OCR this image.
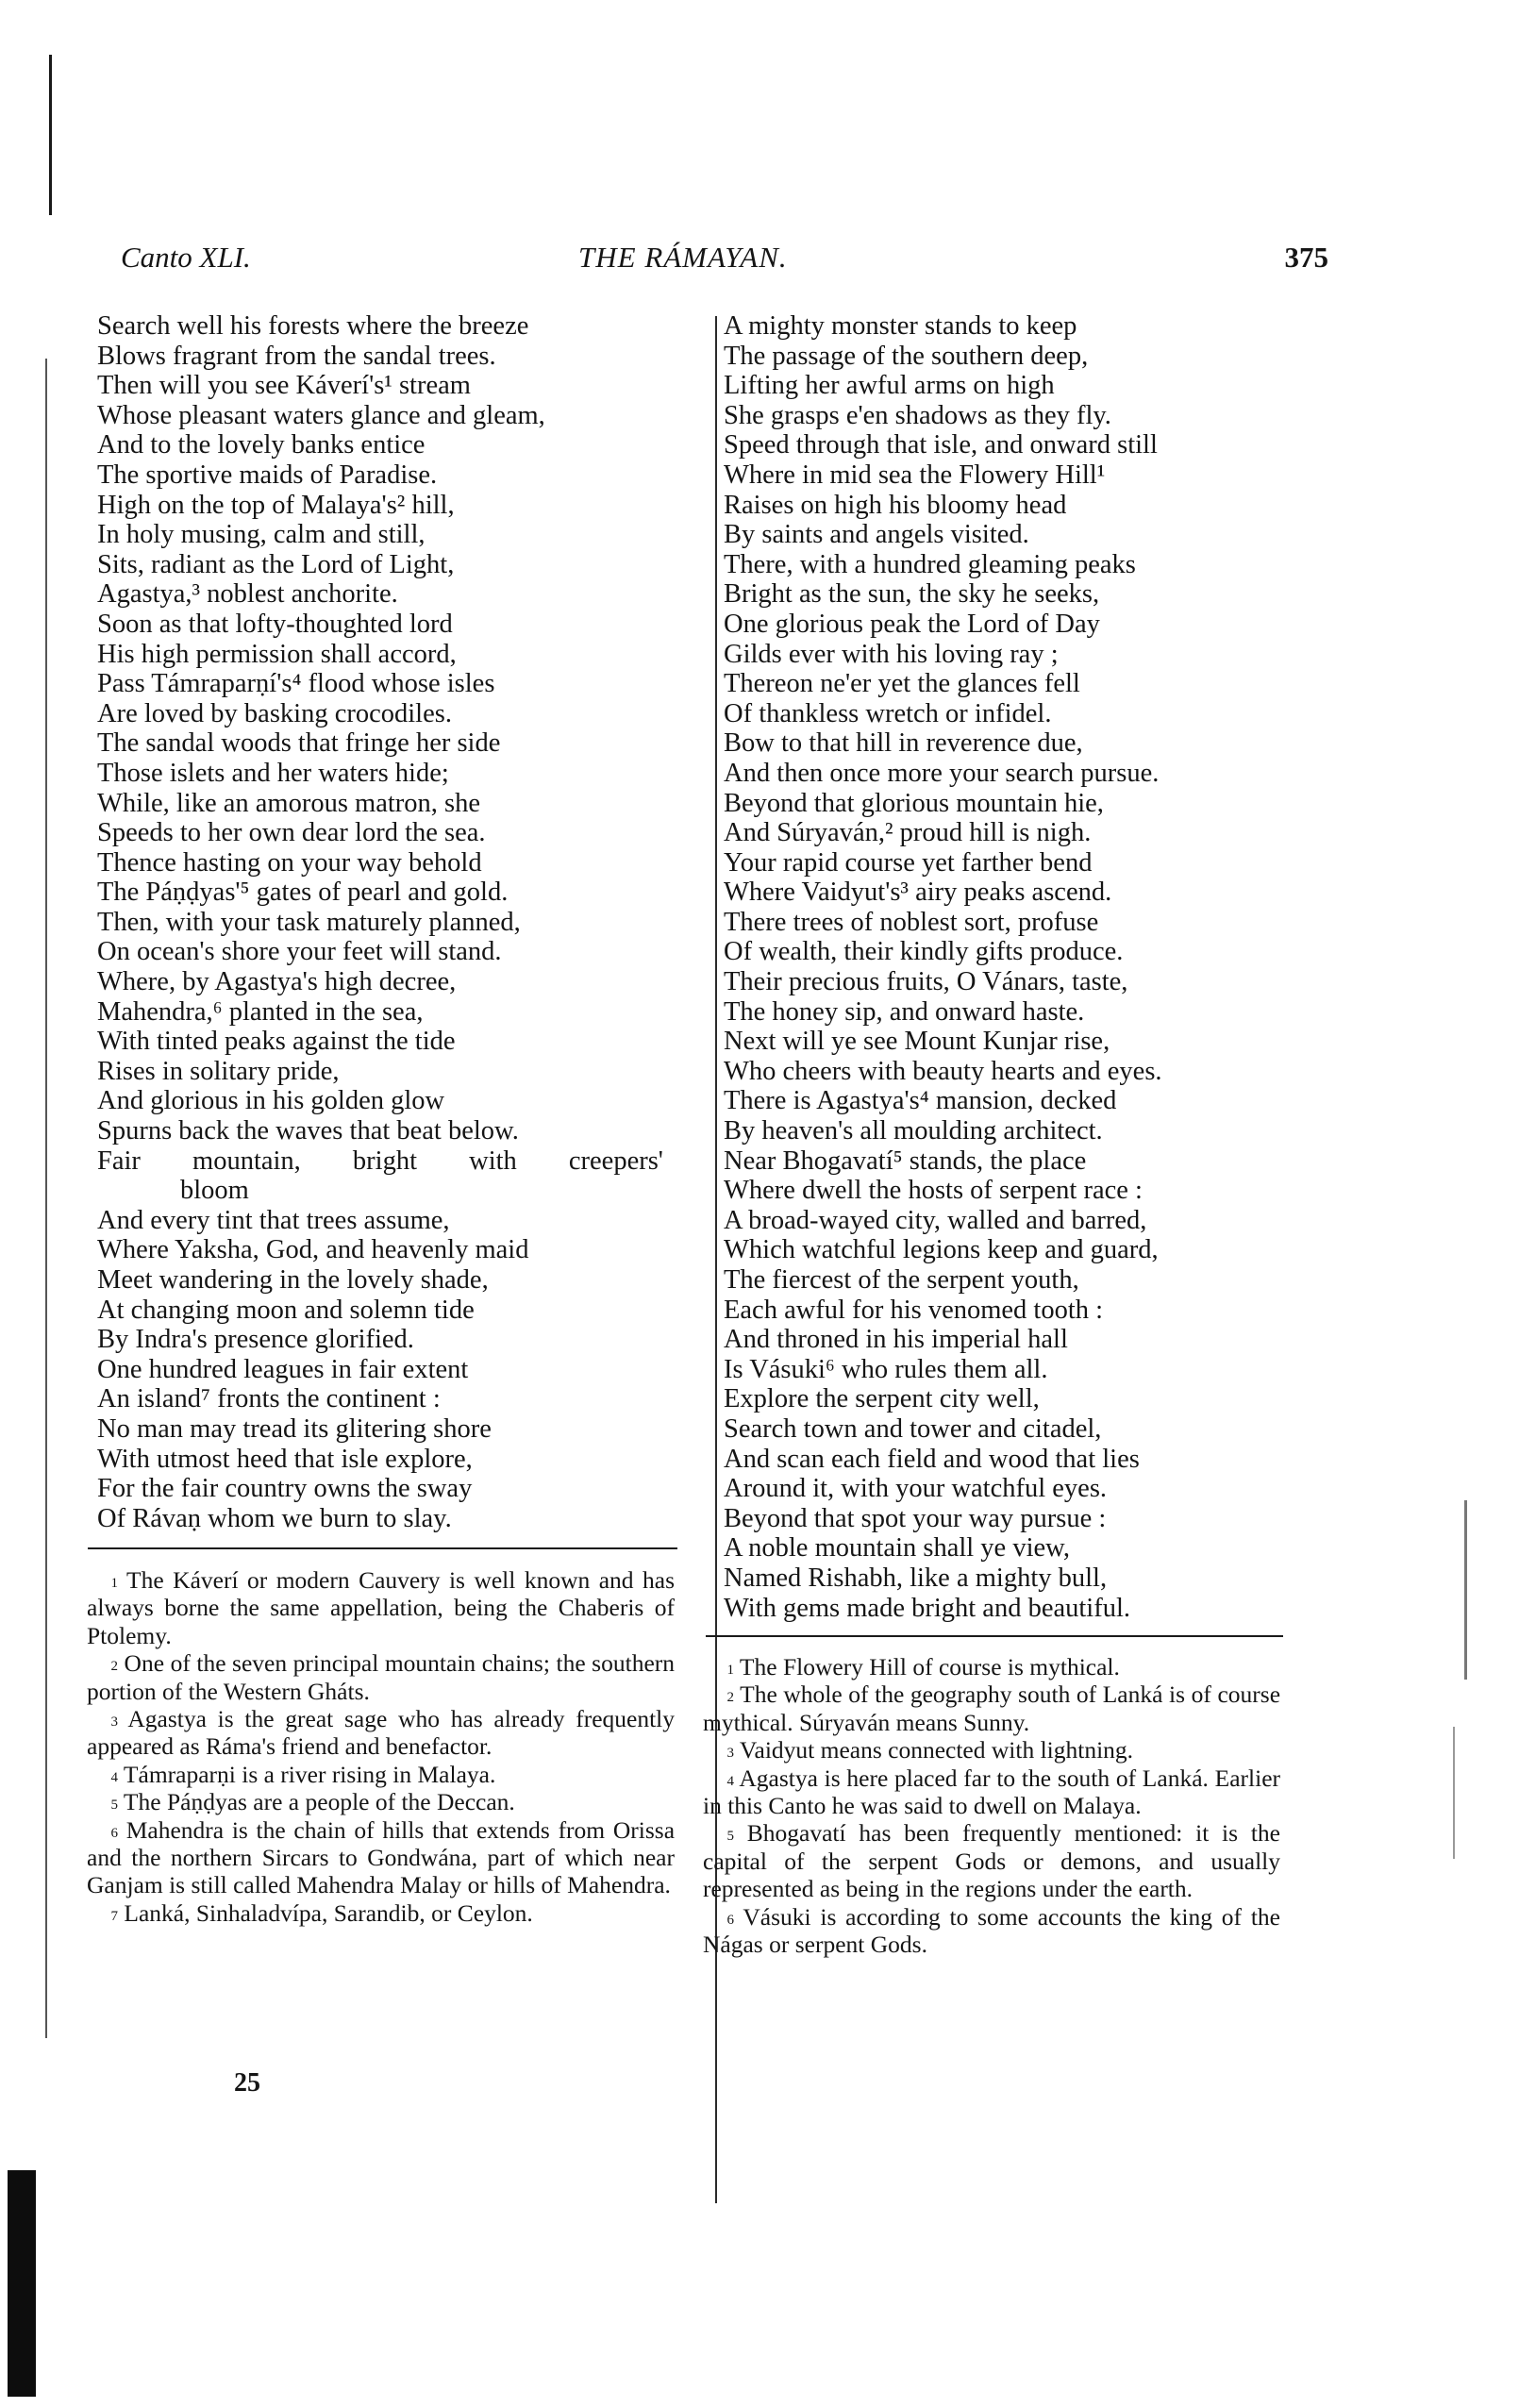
Canto XLI.	THE RÁMAYAN.	375
Search well his forests where the breeze
Blows fragrant from the sandal trees.
Then will you see Káverí's¹ stream
Whose pleasant waters glance and gleam,
And to the lovely banks entice
The sportive maids of Paradise.
High on the top of Malaya's² hill,
In holy musing, calm and still,
Sits, radiant as the Lord of Light,
Agastya,³ noblest anchorite.
Soon as that lofty-thoughted lord
His high permission shall accord,
Pass Támraparṇí's⁴ flood whose isles
Are loved by basking crocodiles.
The sandal woods that fringe her side
Those islets and her waters hide;
While, like an amorous matron, she
Speeds to her own dear lord the sea.
Thence hasting on your way behold
The Páṇḍyas'⁵ gates of pearl and gold.
Then, with your task maturely planned,
On ocean's shore your feet will stand.
Where, by Agastya's high decree,
Mahendra,⁶ planted in the sea,
With tinted peaks against the tide
Rises in solitary pride,
And glorious in his golden glow
Spurns back the waves that beat below.
Fair mountain, bright with creepers'
bloom
And every tint that trees assume,
Where Yaksha, God, and heavenly maid
Meet wandering in the lovely shade,
At changing moon and solemn tide
By Indra's presence glorified.
One hundred leagues in fair extent
An island⁷ fronts the continent :
No man may tread its glitering shore
With utmost heed that isle explore,
For the fair country owns the sway
Of Rávaṇ whom we burn to slay.
A mighty monster stands to keep
The passage of the southern deep,
Lifting her awful arms on high
She grasps e'en shadows as they fly.
Speed through that isle, and onward still
Where in mid sea the Flowery Hill¹
Raises on high his bloomy head
By saints and angels visited.
There, with a hundred gleaming peaks
Bright as the sun, the sky he seeks,
One glorious peak the Lord of Day
Gilds ever with his loving ray ;
Thereon ne'er yet the glances fell
Of thankless wretch or infidel.
Bow to that hill in reverence due,
And then once more your search pursue.
Beyond that glorious mountain hie,
And Súryaván,² proud hill is nigh.
Your rapid course yet farther bend
Where Vaidyut's³ airy peaks ascend.
There trees of noblest sort, profuse
Of wealth, their kindly gifts produce.
Their precious fruits, O Vánars, taste,
The honey sip, and onward haste.
Next will ye see Mount Kunjar rise,
Who cheers with beauty hearts and eyes.
There is Agastya's⁴ mansion, decked
By heaven's all moulding architect.
Near Bhogavatí⁵ stands, the place
Where dwell the hosts of serpent race :
A broad-wayed city, walled and barred,
Which watchful legions keep and guard,
The fiercest of the serpent youth,
Each awful for his venomed tooth :
And throned in his imperial hall
Is Vásuki⁶ who rules them all.
Explore the serpent city well,
Search town and tower and citadel,
And scan each field and wood that lies
Around it, with your watchful eyes.
Beyond that spot your way pursue :
A noble mountain shall ye view,
Named Rishabh, like a mighty bull,
With gems made bright and beautiful.

 $^1$ The Káverí or modern Cauvery is well known and has always borne the same appellation, being the Chaberis of Ptolemy.

 $^2$ One of the seven principal mountain chains; the southern portion of the Western Gháts.

 $^3$ Agastya is the great sage who has already frequently appeared as Ráma's friend and benefactor.

 $^4$ Támraparṇi is a river rising in Malaya.

 $^5$ The Páṇḍyas are a people of the Deccan.

 $^6$ Mahendra is the chain of hills that extends from Orissa and the northern Sircars to Gondwána, part of which near Ganjam is still called Mahendra Malay or hills of Mahendra.

 $^7$ Lanká, Sinhaladvípa, Sarandib, or Ceylon.

 $^1$ The Flowery Hill of course is mythical.

 $^2$ The whole of the geography south of Lanká is of course mythical. Súryaván means Sunny.

 $^3$ Vaidyut means connected with lightning.

 $^4$ Agastya is here placed far to the south of Lanká. Earlier in this Canto he was said to dwell on Malaya.

 $^5$ Bhogavatí has been frequently mentioned: it is the capital of the serpent Gods or demons, and usually represented as being in the regions under the earth.

 $^6$ Vásuki is according to some accounts the king of the Nágas or serpent Gods.

25
